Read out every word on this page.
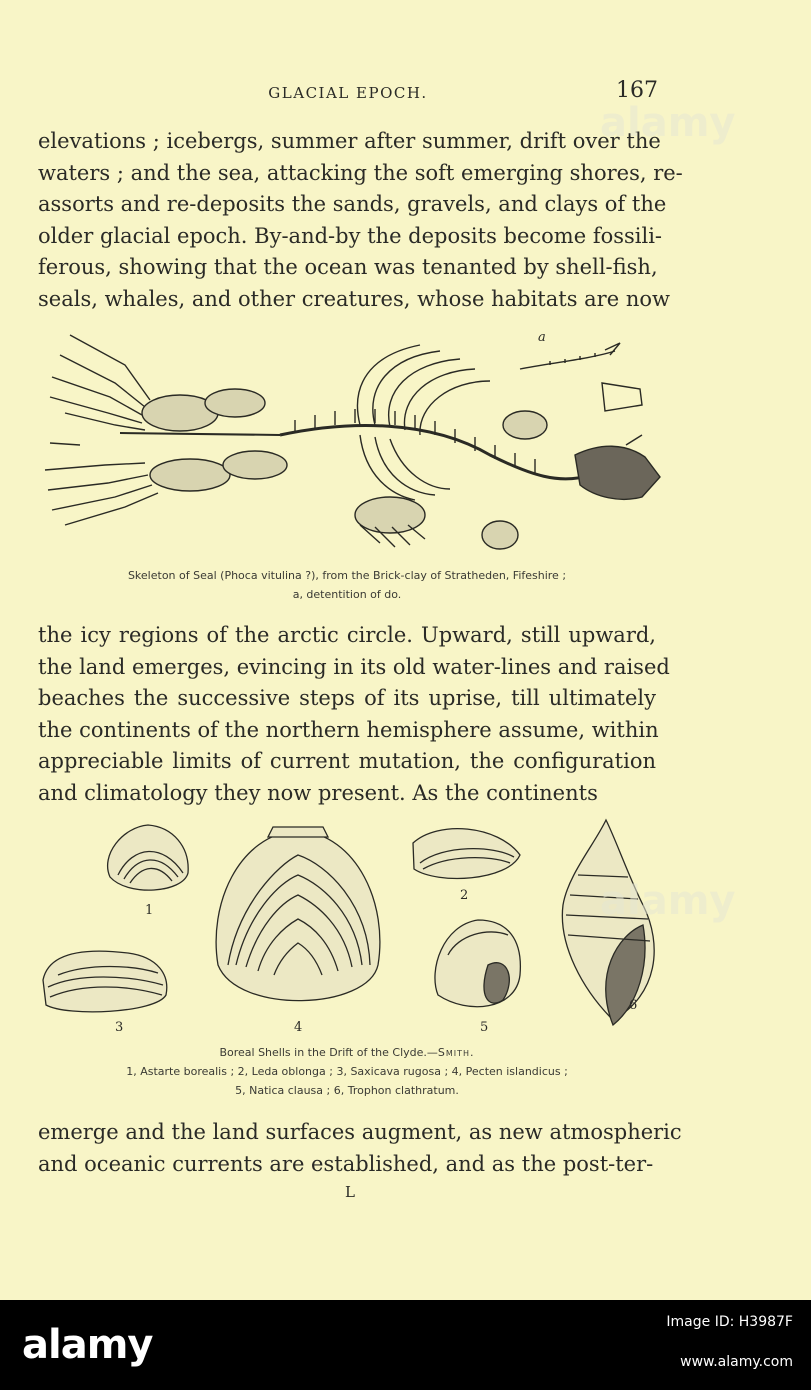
GLACIAL EPOCH.	167
elevations ; icebergs, summer after summer, drift over the
waters ; and the sea, attacking the soft emerging shores, re-
assorts and re-deposits the sands, gravels, and clays of the
older glacial epoch. By-and-by the deposits become fossili-
ferous, showing that the ocean was tenanted by shell-fish,
seals, whales, and other creatures, whose habitats are now
a
Skeleton of Seal (Phoca vitulina ?), from the Brick-clay of Stratheden, Fifeshire ;
a, detentition of do.
the icy regions of the arctic circle. Upward, still upward,
the land emerges, evincing in its old water-lines and raised
beaches the successive steps of its uprise, till ultimately
the continents of the northern hemisphere assume, within
appreciable limits of current mutation, the configuration
and climatology they now present. As the continents
1
2
3	4	5
6
Boreal Shells in the Drift of the Clyde.—Smith.
1, Astarte borealis ; 2, Leda oblonga ; 3, Saxicava rugosa ; 4, Pecten islandicus ;
5, Natica clausa ; 6, Trophon clathratum.
emerge and the land surfaces augment, as new atmospheric
and oceanic currents are established, and as the post-ter-
L
alamy
alamy
alamy	Image ID: H3987F
www.alamy.com
